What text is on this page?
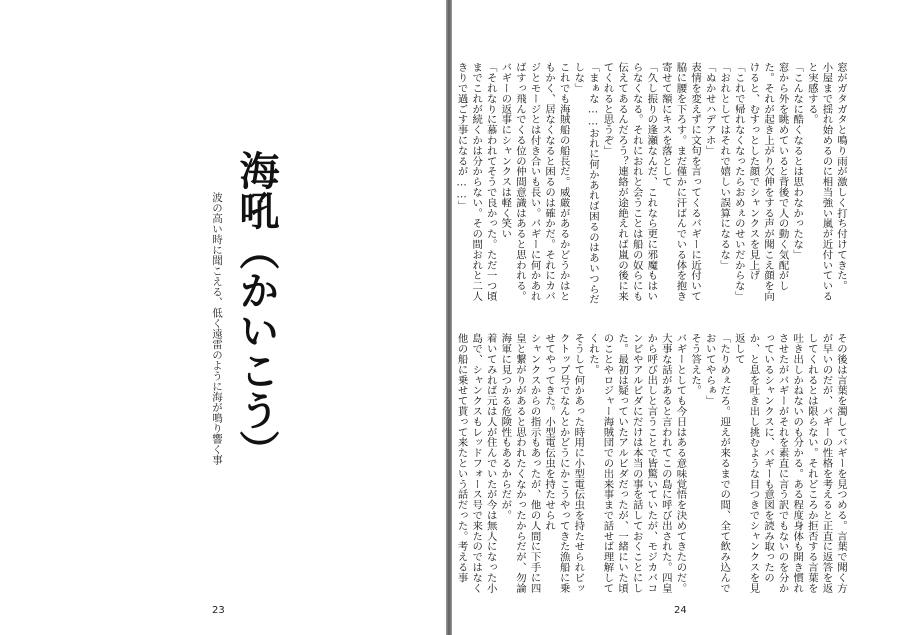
海吼（かいこう）
波の高い時に聞こえる、低く遠雷のように海が鳴り響く事
23

窓がガタガタと鳴り雨が激しく打ち付けてきた。

小屋まで揺れ始めるのに相当強い嵐が近付いていると実感する。

「こんなに酷くなるとは思わなかったな」

窓から外を眺めていると背後で人の動く気配がした。それが起き上がり欠伸をする声が聞こえ顔を向けると、むすっとした顔でシャンクスを見上げ

「これで帰れなくなったらおめぇのせいだからな」

「おれとしてはそれで嬉しい誤算になるな」

「ぬかせハデアホ」

表情を変えずに文句を言ってくるバギーに近付いて脇に腰を下ろす。まだ僅かに汗ばんでいる体を抱き寄せて額にキスを落として

「久し振りの逢瀬なんだ、これなら更に邪魔もはいらなくなる。それにおれと会うことは船の奴らにも伝えてあるんだろう？連絡が途絶えれば嵐の後に来てくれると思うぞ」

「まぁな……おれに何かあれば困るのはあいつらだしな」

これでも海賊船の船長だ。威厳があるかどうかはともかく、居なくなると困るのは確かだ。それにカバジとモージとは付き合いも長い。バギーに何かあればすっ飛んでくる位の仲間意識はあると思われる。

バギーの返事にシャンクスは軽く笑い

「それなりに慕われてそうで良かった。ただ一つ頃までこれが続くかは分からない。その間おれと二人きりで過ごす事になるが……」

その後は言葉を濁してバギーを見つめる。言葉で聞く方が早いのだが、バギーの性格を考えると正直に返答を返してくれるとは限らない。それどころか拒否する言葉を吐き出しかねないのも分かる。ある程度身体も開き慣れさせたがバギーがそれを素直に言う訳でもないのを分かっているシャンクスに、バギーも意図を読み取ったのか、と息を吐き出し挑むような目つきでシャンクスを見返して

「たりめぇだろ。迎えが来るまでの間、全て飲み込んでおいてやらぁ」

そう答えた。

バギーとしても今日はある意味覚悟を決めてきたのだ。大事な話があると言われてこの島に呼び出された。四皇から呼び出しと言うことで皆驚いていたが、モジカバコンビやアルビダにだけは本当の事を話しておくことにした。最初は疑っていたアルビダだったが、一緒にいた頃のことやロジャー海賊団での出来事まで話せば理解してくれた。

そうして何かあった時用に小型電伝虫を持たせられビックトップ号でなんとかどうにかこうやってきた漁船に乗せてやってきた。小型電伝虫を持たせられ

シャンクスからの指示もあったが、他の人間に下手に四皇と繋がりがあると思われたくなかったからだが、勿論海軍に見つかる危険性もあるからだが。

着いてみれば元は人が住んでいたが今は無人になった小島で、シャンクスもレッドフォース号で来たのではなく他の船に乗せて貰って来たという話だった。考える事

24
